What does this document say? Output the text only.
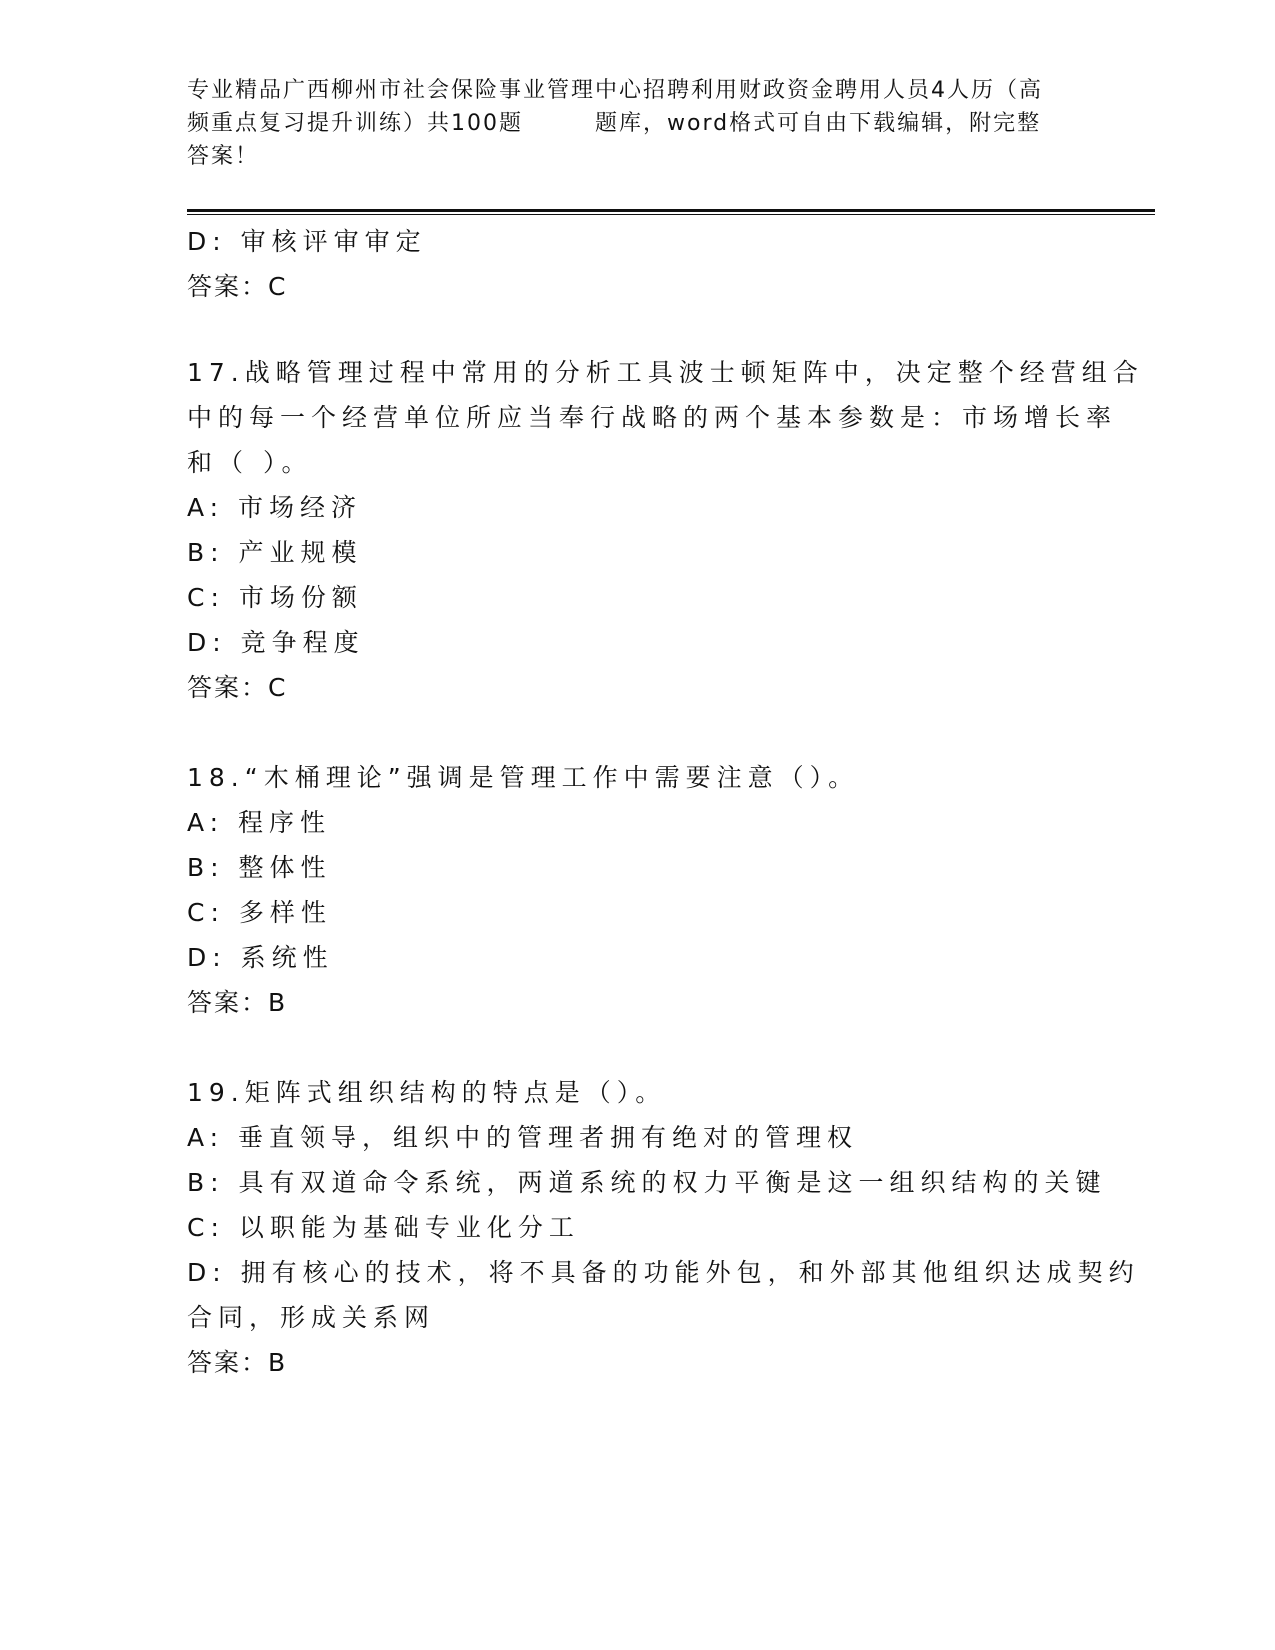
专业精品广西柳州市社会保险事业管理中心招聘利用财政资金聘用人员4人历（高
频重点复习提升训练）共100题	题库，word格式可自由下载编辑，附完整
答案！
D: 审核评审审定
答案：C
17.战略管理过程中常用的分析工具波士顿矩阵中，决定整个经营组合
中的每一个经营单位所应当奉行战略的两个基本参数是：市场增长率
和（ ）。
A: 市场经济
B: 产业规模
C: 市场份额
D: 竞争程度
答案：C
18.“木桶理论”强调是管理工作中需要注意（）。
A: 程序性
B: 整体性
C: 多样性
D: 系统性
答案：B
19.矩阵式组织结构的特点是（）。
A: 垂直领导，组织中的管理者拥有绝对的管理权
B: 具有双道命令系统，两道系统的权力平衡是这一组织结构的关键
C: 以职能为基础专业化分工
D: 拥有核心的技术，将不具备的功能外包，和外部其他组织达成契约
合同，形成关系网
答案：B
